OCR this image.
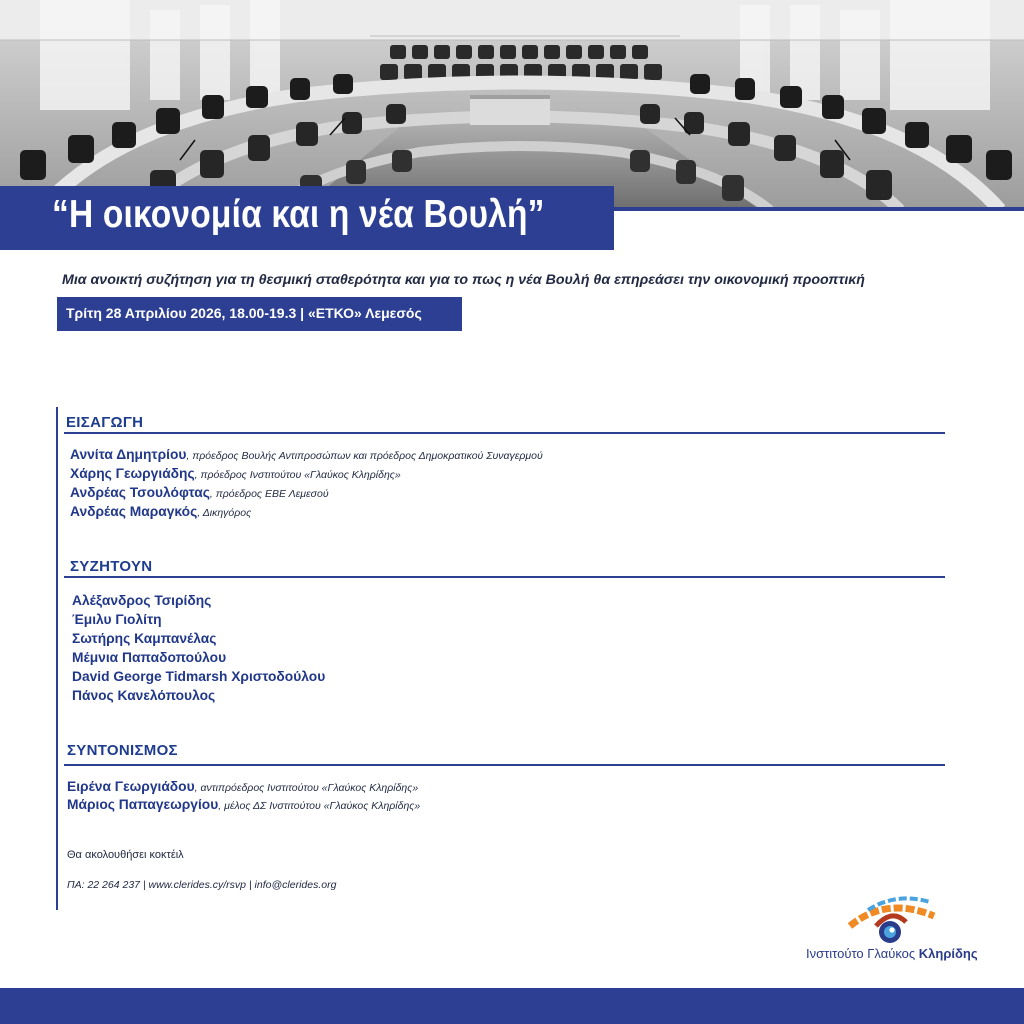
“Η οικονομία και η νέα Βουλή”
Μια ανοικτή συζήτηση για τη θεσμική σταθερότητα και για το πως η νέα Βουλή θα επηρεάσει την οικονομική προοπτική
Τρίτη 28 Απριλίου 2026, 18.00-19.3 | «ΕΤΚΟ» Λεμεσός
ΕΙΣΑΓΩΓΗ
Αννίτα Δημητρίου, πρόεδρος Βουλής Αντιπροσώπων και πρόεδρος Δημοκρατικού Συναγερμού
Χάρης Γεωργιάδης, πρόεδρος Ινστιτούτου «Γλαύκος Κληρίδης»
Ανδρέας Τσουλόφτας, πρόεδρος ΕΒΕ Λεμεσού
Ανδρέας Μαραγκός, Δικηγόρος
ΣΥΖΗΤΟΥΝ
Αλέξανδρος Τσιρίδης
Έμιλυ Γιολίτη
Σωτήρης Καμπανέλας
Μέμνια Παπαδοπούλου
David George Tidmarsh Χριστοδούλου
Πάνος Κανελόπουλος
ΣΥΝΤΟΝΙΣΜΟΣ
Ειρένα Γεωργιάδου, αντιπρόεδρος Ινστιτούτου «Γλαύκος Κληρίδης»
Μάριος Παπαγεωργίου, μέλος ΔΣ Ινστιτούτου «Γλαύκος Κληρίδης»
Θα ακολουθήσει κοκτέιλ
ΠΑ: 22 264 237 | www.clerides.cy/rsvp | info@clerides.org
Ινστιτούτο Γλαύκος Κληρίδης
